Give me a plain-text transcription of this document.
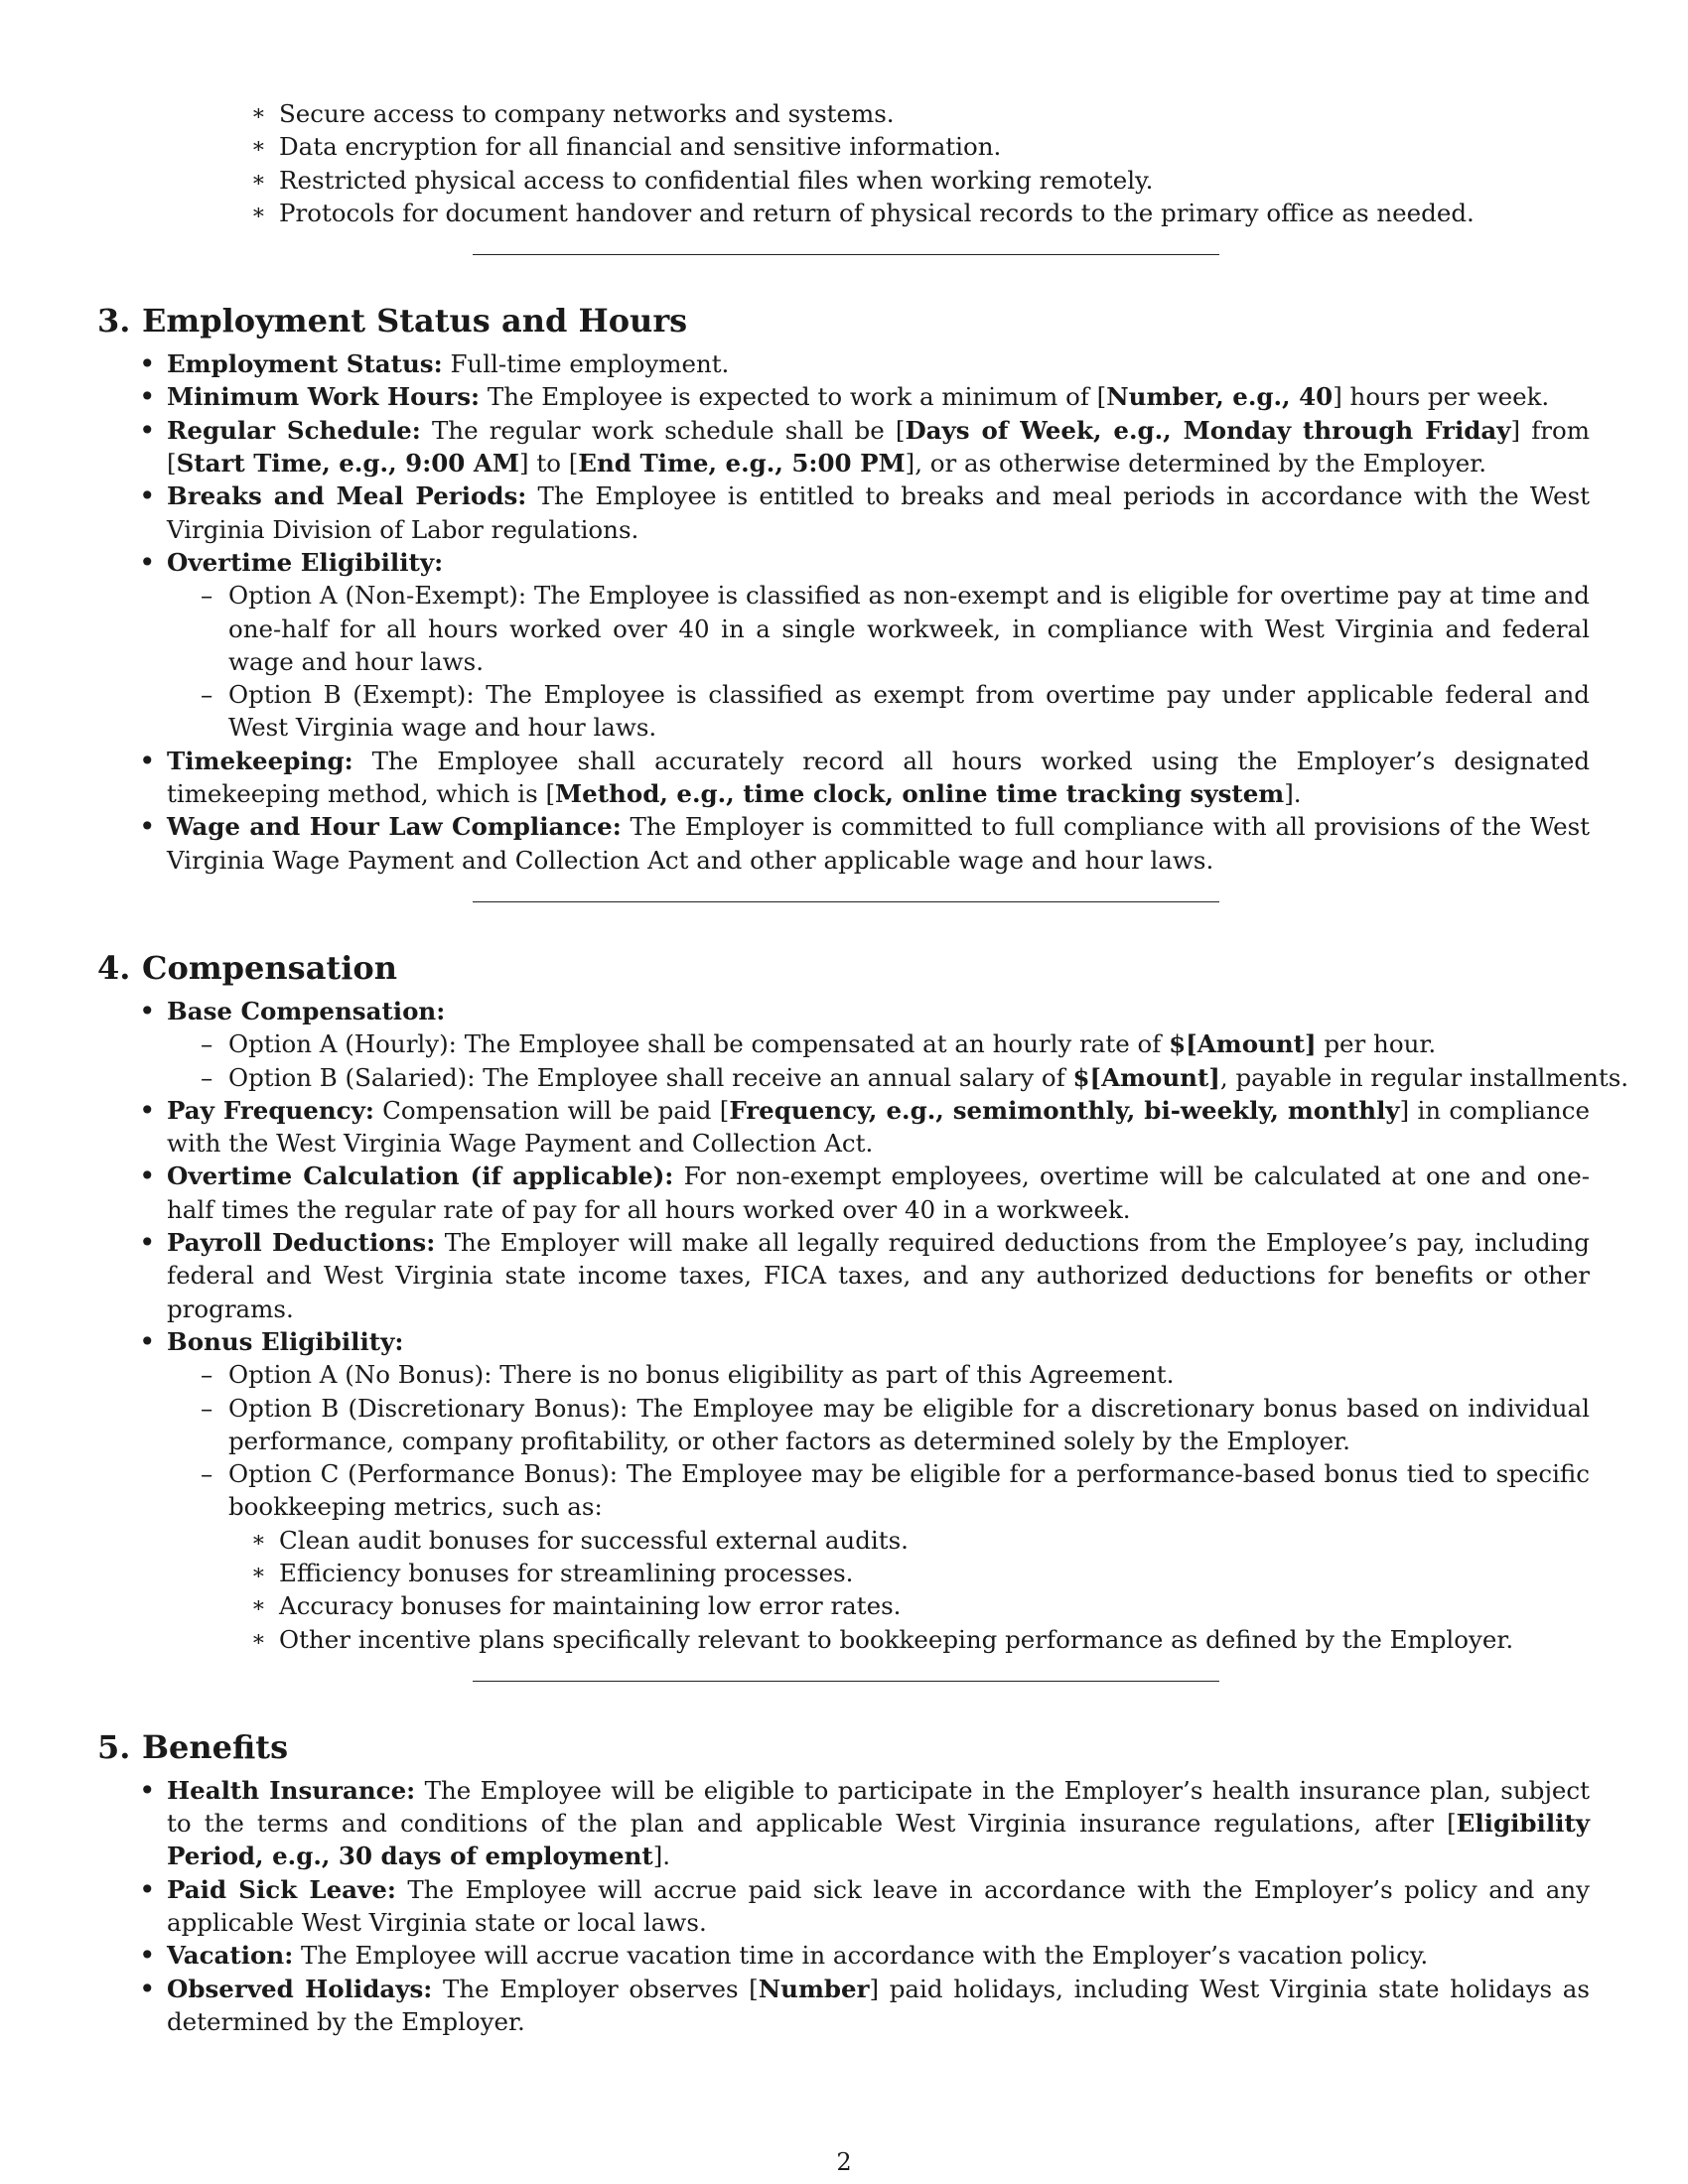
∗ Secure access to company networks and systems.
∗ Data encryption for all financial and sensitive information.
∗ Restricted physical access to confidential files when working remotely.
∗ Protocols for document handover and return of physical records to the primary office as needed.
3. Employment Status and Hours
• Employment Status: Full-time employment.
• Minimum Work Hours: The Employee is expected to work a minimum of [Number, e.g., 40] hours per week.
• Regular Schedule: The regular work schedule shall be [Days of Week, e.g., Monday through Friday] from [Start Time, e.g., 9:00 AM] to [End Time, e.g., 5:00 PM], or as otherwise determined by the Employer.
• Breaks and Meal Periods: The Employee is entitled to breaks and meal periods in accordance with the West Virginia Division of Labor regulations.
• Overtime Eligibility:
– Option A (Non-Exempt): The Employee is classified as non-exempt and is eligible for overtime pay at time and one-half for all hours worked over 40 in a single workweek, in compliance with West Virginia and federal wage and hour laws.
– Option B (Exempt): The Employee is classified as exempt from overtime pay under applicable federal and West Virginia wage and hour laws.
• Timekeeping: The Employee shall accurately record all hours worked using the Employer’s designated timekeeping method, which is [Method, e.g., time clock, online time tracking system].
• Wage and Hour Law Compliance: The Employer is committed to full compliance with all provisions of the West Virginia Wage Payment and Collection Act and other applicable wage and hour laws.
4. Compensation
• Base Compensation:
– Option A (Hourly): The Employee shall be compensated at an hourly rate of $[Amount] per hour.
– Option B (Salaried): The Employee shall receive an annual salary of $[Amount], payable in regular installments.
• Pay Frequency: Compensation will be paid [Frequency, e.g., semimonthly, bi-weekly, monthly] in compliance with the West Virginia Wage Payment and Collection Act.
• Overtime Calculation (if applicable): For non-exempt employees, overtime will be calculated at one and one-half times the regular rate of pay for all hours worked over 40 in a workweek.
• Payroll Deductions: The Employer will make all legally required deductions from the Employee’s pay, including federal and West Virginia state income taxes, FICA taxes, and any authorized deductions for benefits or other programs.
• Bonus Eligibility:
– Option A (No Bonus): There is no bonus eligibility as part of this Agreement.
– Option B (Discretionary Bonus): The Employee may be eligible for a discretionary bonus based on individual performance, company profitability, or other factors as determined solely by the Employer.
– Option C (Performance Bonus): The Employee may be eligible for a performance-based bonus tied to specific bookkeeping metrics, such as:
∗ Clean audit bonuses for successful external audits.
∗ Efficiency bonuses for streamlining processes.
∗ Accuracy bonuses for maintaining low error rates.
∗ Other incentive plans specifically relevant to bookkeeping performance as defined by the Employer.
5. Benefits
• Health Insurance: The Employee will be eligible to participate in the Employer’s health insurance plan, subject to the terms and conditions of the plan and applicable West Virginia insurance regulations, after [Eligibility Period, e.g., 30 days of employment].
• Paid Sick Leave: The Employee will accrue paid sick leave in accordance with the Employer’s policy and any applicable West Virginia state or local laws.
• Vacation: The Employee will accrue vacation time in accordance with the Employer’s vacation policy.
• Observed Holidays: The Employer observes [Number] paid holidays, including West Virginia state holidays as determined by the Employer.
2
